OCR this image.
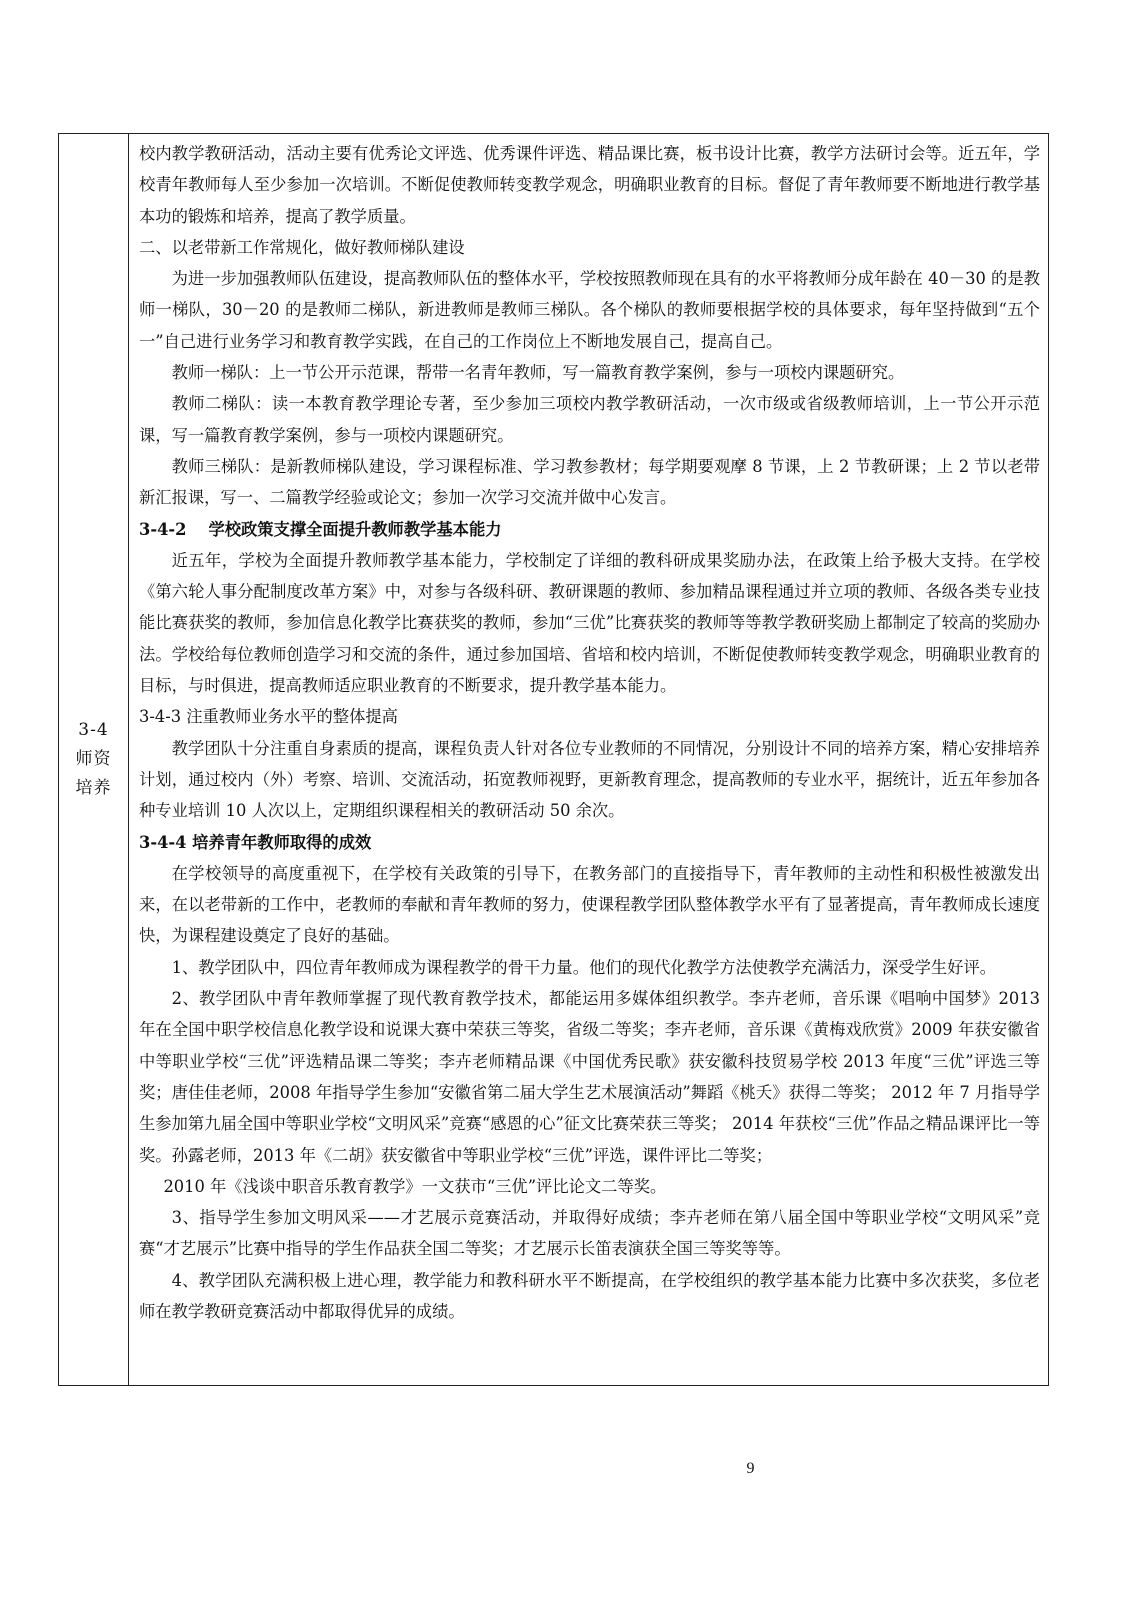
3-4
师资
培养

校内教学教研活动，活动主要有优秀论文评选、优秀课件评选、精品课比赛，板书设计比赛，教学方法研讨会等。近五年，学校青年教师每人至少参加一次培训。不断促使教师转变教学观念，明确职业教育的目标。督促了青年教师要不断地进行教学基本功的锻炼和培养，提高了教学质量。

二、以老带新工作常规化，做好教师梯队建设

为进一步加强教师队伍建设，提高教师队伍的整体水平，学校按照教师现在具有的水平将教师分成年龄在 40－30 的是教师一梯队，30－20 的是教师二梯队，新进教师是教师三梯队。各个梯队的教师要根据学校的具体要求，每年坚持做到“五个一”自己进行业务学习和教育教学实践，在自己的工作岗位上不断地发展自己，提高自己。

教师一梯队：上一节公开示范课，帮带一名青年教师，写一篇教育教学案例，参与一项校内课题研究。

教师二梯队：读一本教育教学理论专著，至少参加三项校内教学教研活动，一次市级或省级教师培训，上一节公开示范课，写一篇教育教学案例，参与一项校内课题研究。

教师三梯队：是新教师梯队建设，学习课程标准、学习教参教材；每学期要观摩 8 节课，上 2 节教研课；上 2 节以老带新汇报课，写一、二篇教学经验或论文；参加一次学习交流并做中心发言。

3-4-2　 学校政策支撑全面提升教师教学基本能力

近五年，学校为全面提升教师教学基本能力，学校制定了详细的教科研成果奖励办法，在政策上给予极大支持。在学校《第六轮人事分配制度改革方案》中，对参与各级科研、教研课题的教师、参加精品课程通过并立项的教师、各级各类专业技能比赛获奖的教师，参加信息化教学比赛获奖的教师，参加“三优”比赛获奖的教师等等教学教研奖励上都制定了较高的奖励办法。学校给每位教师创造学习和交流的条件，通过参加国培、省培和校内培训，不断促使教师转变教学观念，明确职业教育的目标，与时俱进，提高教师适应职业教育的不断要求，提升教学基本能力。

3-4-3 注重教师业务水平的整体提高

教学团队十分注重自身素质的提高，课程负责人针对各位专业教师的不同情况，分别设计不同的培养方案，精心安排培养计划，通过校内（外）考察、培训、交流活动，拓宽教师视野，更新教育理念，提高教师的专业水平，据统计，近五年参加各种专业培训 10 人次以上，定期组织课程相关的教研活动 50 余次。

3-4-4 培养青年教师取得的成效

在学校领导的高度重视下，在学校有关政策的引导下，在教务部门的直接指导下，青年教师的主动性和积极性被激发出来，在以老带新的工作中，老教师的奉献和青年教师的努力，使课程教学团队整体教学水平有了显著提高，青年教师成长速度快，为课程建设奠定了良好的基础。

1、教学团队中，四位青年教师成为课程教学的骨干力量。他们的现代化教学方法使教学充满活力，深受学生好评。

2、教学团队中青年教师掌握了现代教育教学技术，都能运用多媒体组织教学。李卉老师，音乐课《唱响中国梦》2013 年在全国中职学校信息化教学设和说课大赛中荣获三等奖，省级二等奖；李卉老师，音乐课《黄梅戏欣赏》2009 年获安徽省中等职业学校“三优”评选精品课二等奖；李卉老师精品课《中国优秀民歌》获安徽科技贸易学校 2013 年度“三优”评选三等奖；唐佳佳老师，2008 年指导学生参加“安徽省第二届大学生艺术展演活动”舞蹈《桃夭》获得二等奖； 2012 年 7 月指导学生参加第九届全国中等职业学校“文明风采”竞赛“感恩的心”征文比赛荣获三等奖； 2014 年获校“三优”作品之精品课评比一等奖。孙露老师，2013 年《二胡》获安徽省中等职业学校“三优”评选，课件评比二等奖；

2010 年《浅谈中职音乐教育教学》一文获市“三优”评比论文二等奖。

3、指导学生参加文明风采——才艺展示竞赛活动，并取得好成绩；李卉老师在第八届全国中等职业学校“文明风采”竞赛“才艺展示”比赛中指导的学生作品获全国二等奖；才艺展示长笛表演获全国三等奖等等。

4、教学团队充满积极上进心理，教学能力和教科研水平不断提高，在学校组织的教学基本能力比赛中多次获奖，多位老师在教学教研竞赛活动中都取得优异的成绩。

9
